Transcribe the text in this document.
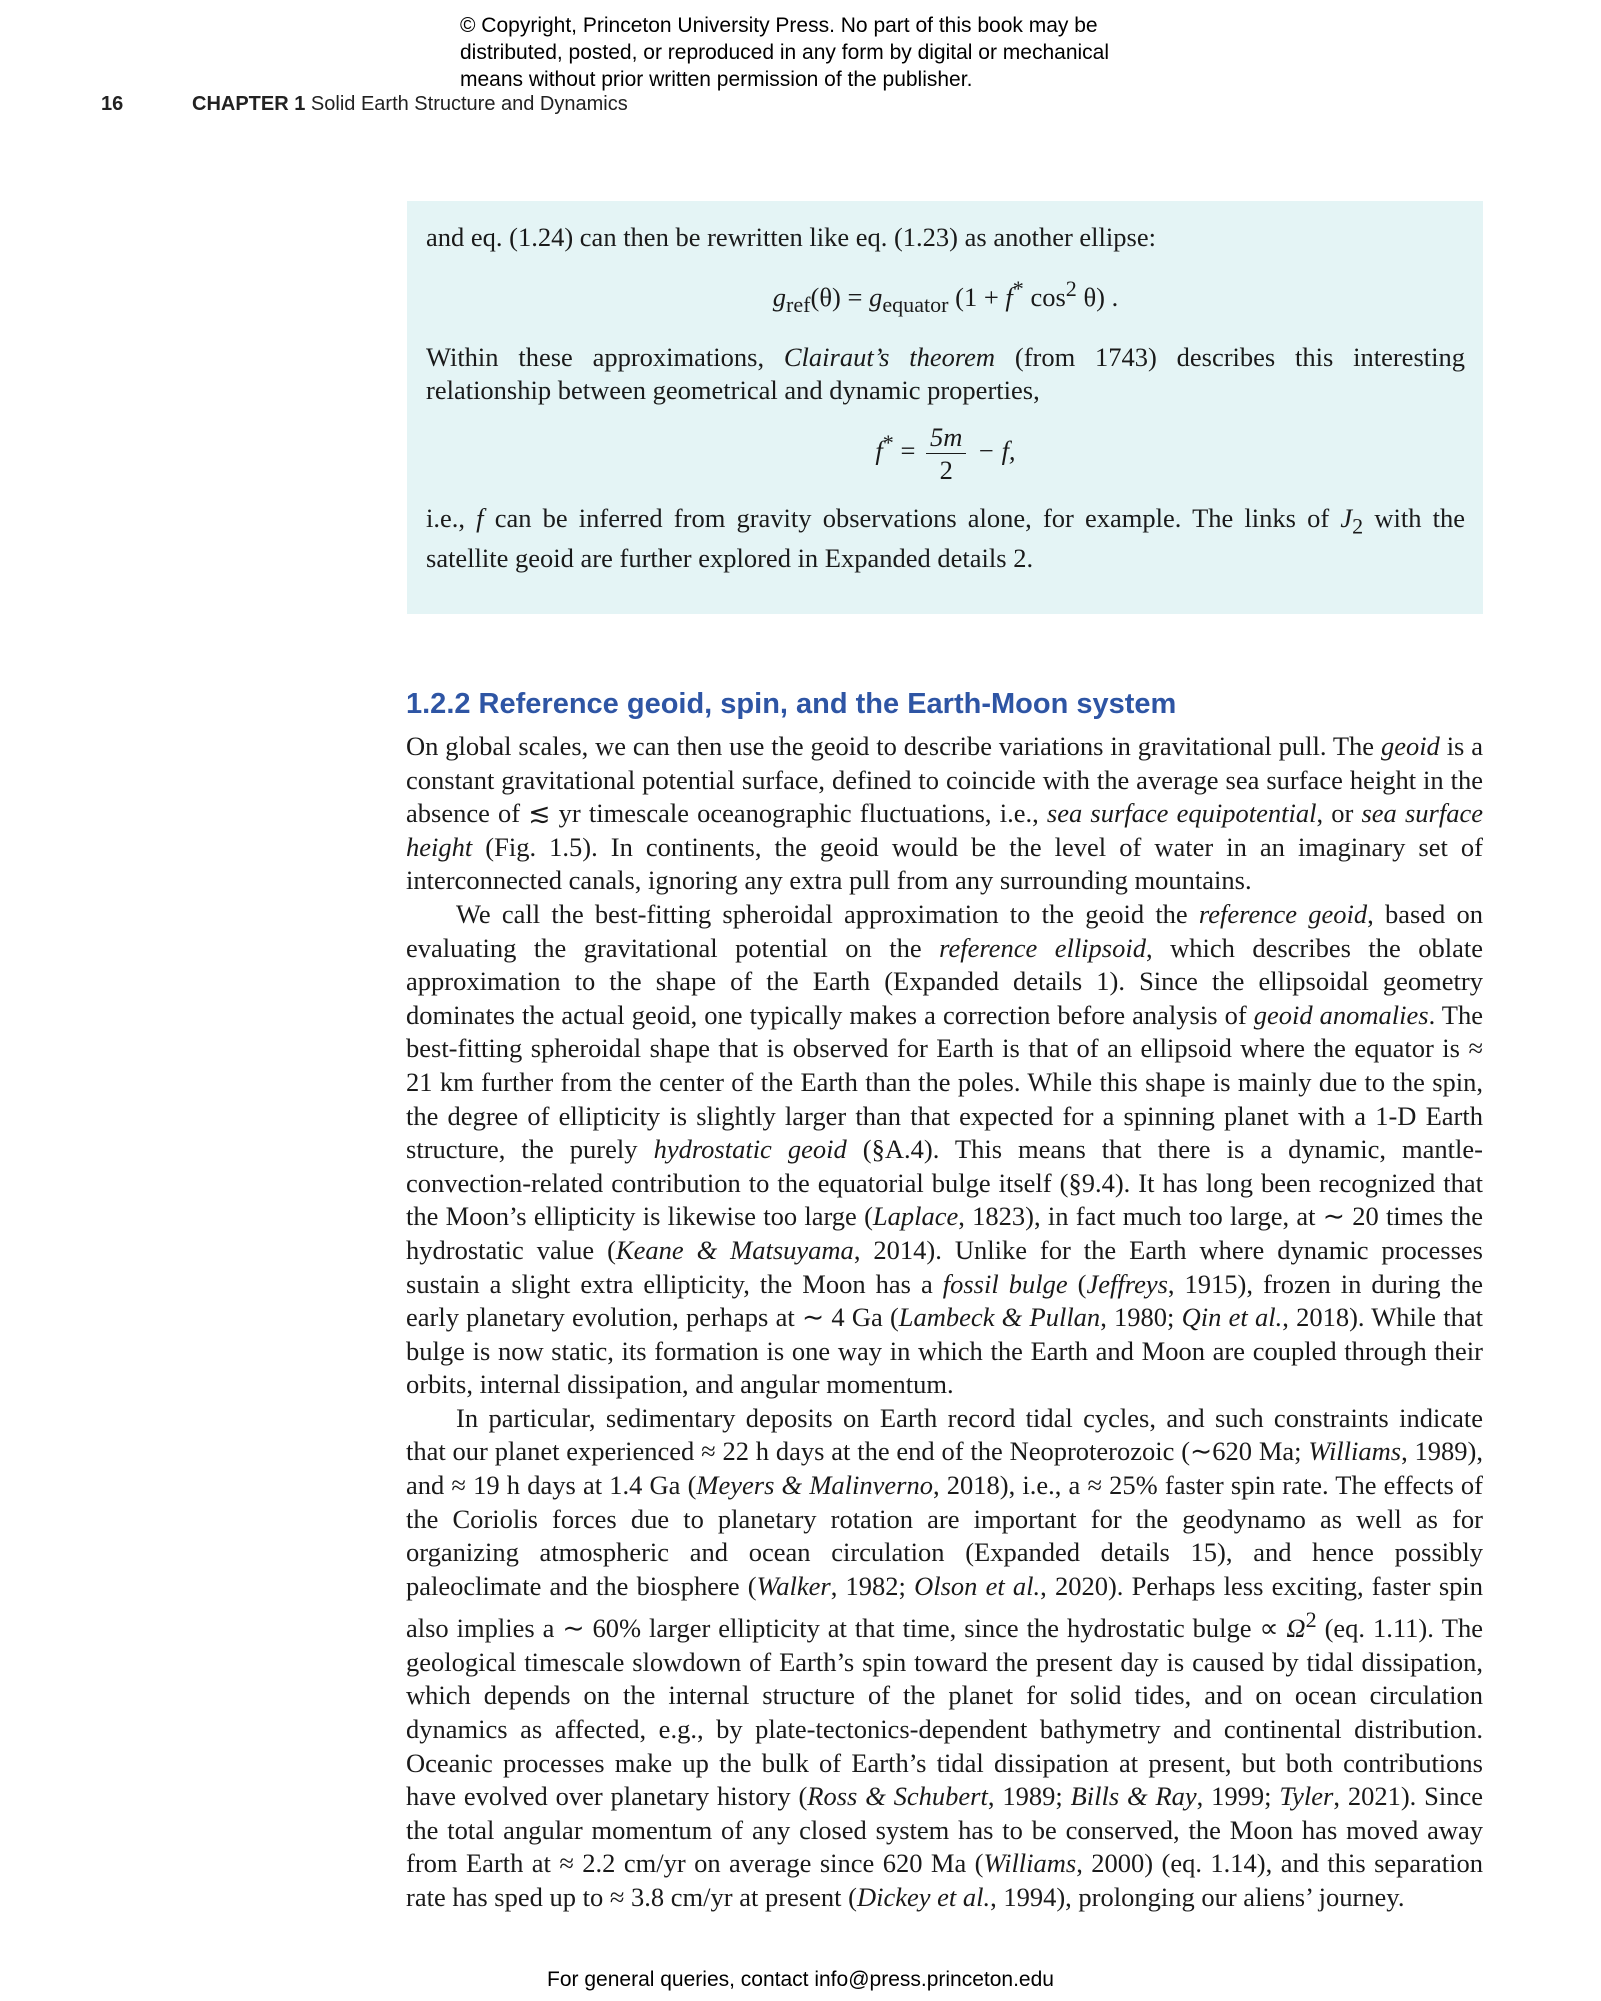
© Copyright, Princeton University Press. No part of this book may be
distributed, posted, or reproduced in any form by digital or mechanical
means without prior written permission of the publisher.
16	CHAPTER 1 Solid Earth Structure and Dynamics

and eq. (1.24) can then be rewritten like eq. (1.23) as another ellipse:

$g_{ref}(\theta) = g_{equator}$ (1 + f* $\cos^2 \theta$) .

Within these approximations, Clairaut’s theorem (from 1743) describes this interesting relationship between geometrical and dynamic properties,

$f^* = \frac{5m}{2} - f$,

i.e., f can be inferred from gravity observations alone, for example. The links of $J_2$ with the satellite geoid are further explored in Expanded details 2.

1.2.2 Reference geoid, spin, and the Earth-Moon system

On global scales, we can then use the geoid to describe variations in gravitational pull. The geoid is a constant gravitational potential surface, defined to coincide with the average sea surface height in the absence of ≲ yr timescale oceanographic fluctuations, i.e., sea surface equipotential, or sea surface height (Fig. 1.5). In continents, the geoid would be the level of water in an imaginary set of interconnected canals, ignoring any extra pull from any surrounding mountains.

We call the best-fitting spheroidal approximation to the geoid the reference geoid, based on evaluating the gravitational potential on the reference ellipsoid, which describes the oblate approximation to the shape of the Earth (Expanded details 1). Since the ellipsoidal geometry dominates the actual geoid, one typically makes a correction before analysis of geoid anomalies. The best-fitting spheroidal shape that is observed for Earth is that of an ellipsoid where the equator is ≈ 21 km further from the center of the Earth than the poles. While this shape is mainly due to the spin, the degree of ellipticity is slightly larger than that expected for a spinning planet with a 1-D Earth structure, the purely hydrostatic geoid (§A.4). This means that there is a dynamic, mantle-convection-related contribution to the equatorial bulge itself (§9.4). It has long been recognized that the Moon’s ellipticity is likewise too large (Laplace, 1823), in fact much too large, at ∼ 20 times the hydrostatic value (Keane & Matsuyama, 2014). Unlike for the Earth where dynamic processes sustain a slight extra ellipticity, the Moon has a fossil bulge (Jeffreys, 1915), frozen in during the early planetary evolution, perhaps at ∼ 4 Ga (Lambeck & Pullan, 1980; Qin et al., 2018). While that bulge is now static, its formation is one way in which the Earth and Moon are coupled through their orbits, internal dissipation, and angular momentum.

In particular, sedimentary deposits on Earth record tidal cycles, and such constraints indicate that our planet experienced ≈ 22 h days at the end of the Neoproterozoic (∼620 Ma; Williams, 1989), and ≈ 19 h days at 1.4 Ga (Meyers & Malinverno, 2018), i.e., a ≈ 25% faster spin rate. The effects of the Coriolis forces due to planetary rotation are important for the geodynamo as well as for organizing atmospheric and ocean circulation (Expanded details 15), and hence possibly paleoclimate and the biosphere (Walker, 1982; Olson et al., 2020). Perhaps less exciting, faster spin also implies a ∼ 60% larger ellipticity at that time, since the hydrostatic $bulge \propto \Omega^2$ (eq. 1.11). The geological timescale slowdown of Earth’s spin toward the present day is caused by tidal dissipation, which depends on the internal structure of the planet for solid tides, and on ocean circulation dynamics as affected, e.g., by plate-tectonics-dependent bathymetry and continental distribution. Oceanic processes make up the bulk of Earth’s tidal dissipation at present, but both contributions have evolved over planetary history (Ross & Schubert, 1989; Bills & Ray, 1999; Tyler, 2021). Since the total angular momentum of any closed system has to be conserved, the Moon has moved away from Earth at ≈ 2.2 cm/yr on average since 620 Ma (Williams, 2000) (eq. 1.14), and this separation rate has sped up to ≈ 3.8 cm/yr at present (Dickey et al., 1994), prolonging our aliens’ journey.

For general queries, contact info@press.princeton.edu
